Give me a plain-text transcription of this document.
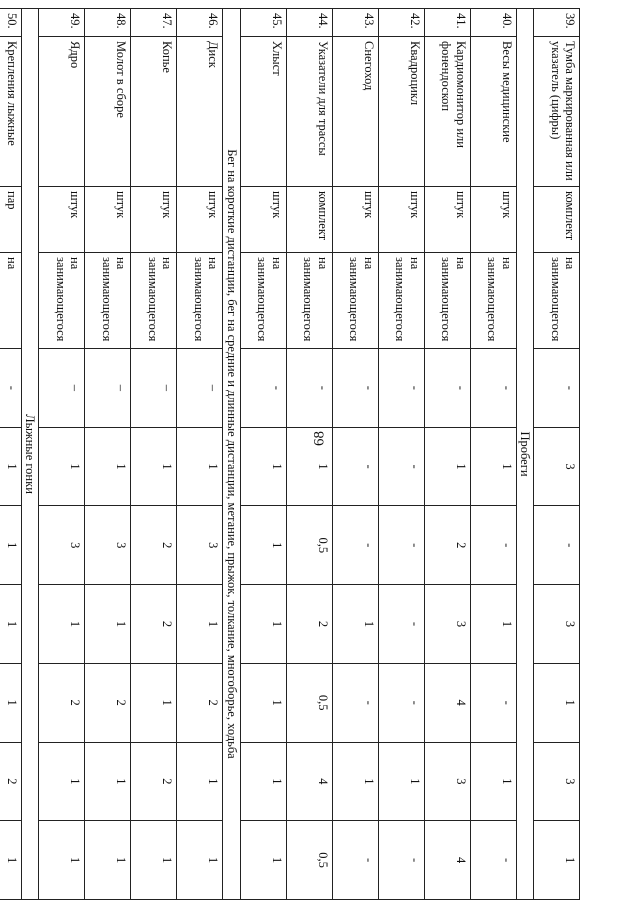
68
39.	Тумба маркированная или указатель (цифры)	комплект	на занимающегося	-	3	-	3	1	3	1
Пробеги										
40.	Весы медицинские	штук	на занимающегося	-	1	-	1	-	1	-
41.	Кардиомонитор или фонендоскоп	штук	на занимающегося	-	1	2	3	4	3	4
42.	Квадроцикл	штук	на занимающегося	-	-	-	-	-	1	-
43.	Снегоход	штук	на занимающегося	-	-	-	1	-	1	-
44.	Указатели для трассы	комплект	на занимающегося	-	1	0,5	2	0,5	4	0,5
45.	Хлыст	штук	на занимающегося	-	1	1	1	1	1	1
Бег на короткие дистанции, бег на средние и длинные дистанции, метание, прыжок, толкание, многоборье, ходьба										
46.	Диск	штук	на занимающегося	–	1	3	1	2	1	1
47.	Копье	штук	на занимающегося	–	1	2	2	1	2	1
48.	Молот в сборе	штук	на занимающегося	–	1	3	1	2	1	1
49.	Ядро	штук	на занимающегося	–	1	3	1	2	1	1
Лыжные гонки										
50.	Крепления лыжные	пар	на	-	1	1	1	1	2	1
